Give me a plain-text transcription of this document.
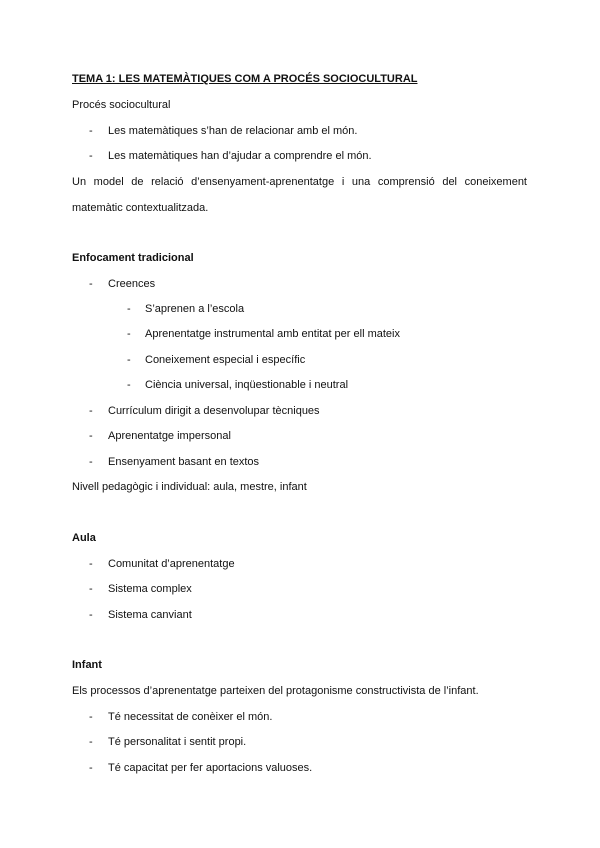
TEMA 1: LES MATEMÀTIQUES COM A PROCÉS SOCIOCULTURAL
Procés sociocultural
- Les matemàtiques s’han de relacionar amb el món.
- Les matemàtiques han d’ajudar a comprendre el món.
Un model de relació d’ensenyament-aprenentatge i una comprensió del coneixement
matemàtic contextualitzada.
Enfocament tradicional
- Creences
- S’aprenen a l’escola
- Aprenentatge instrumental amb entitat per ell mateix
- Coneixement especial i específic
- Ciència universal, inqüestionable i neutral
- Currículum dirigit a desenvolupar tècniques
- Aprenentatge impersonal
- Ensenyament basant en textos
Nivell pedagògic i individual: aula, mestre, infant
Aula
- Comunitat d’aprenentatge
- Sistema complex
- Sistema canviant
Infant
Els processos d’aprenentatge parteixen del protagonisme constructivista de l’infant.
- Té necessitat de conèixer el món.
- Té personalitat i sentit propi.
- Té capacitat per fer aportacions valuoses.
